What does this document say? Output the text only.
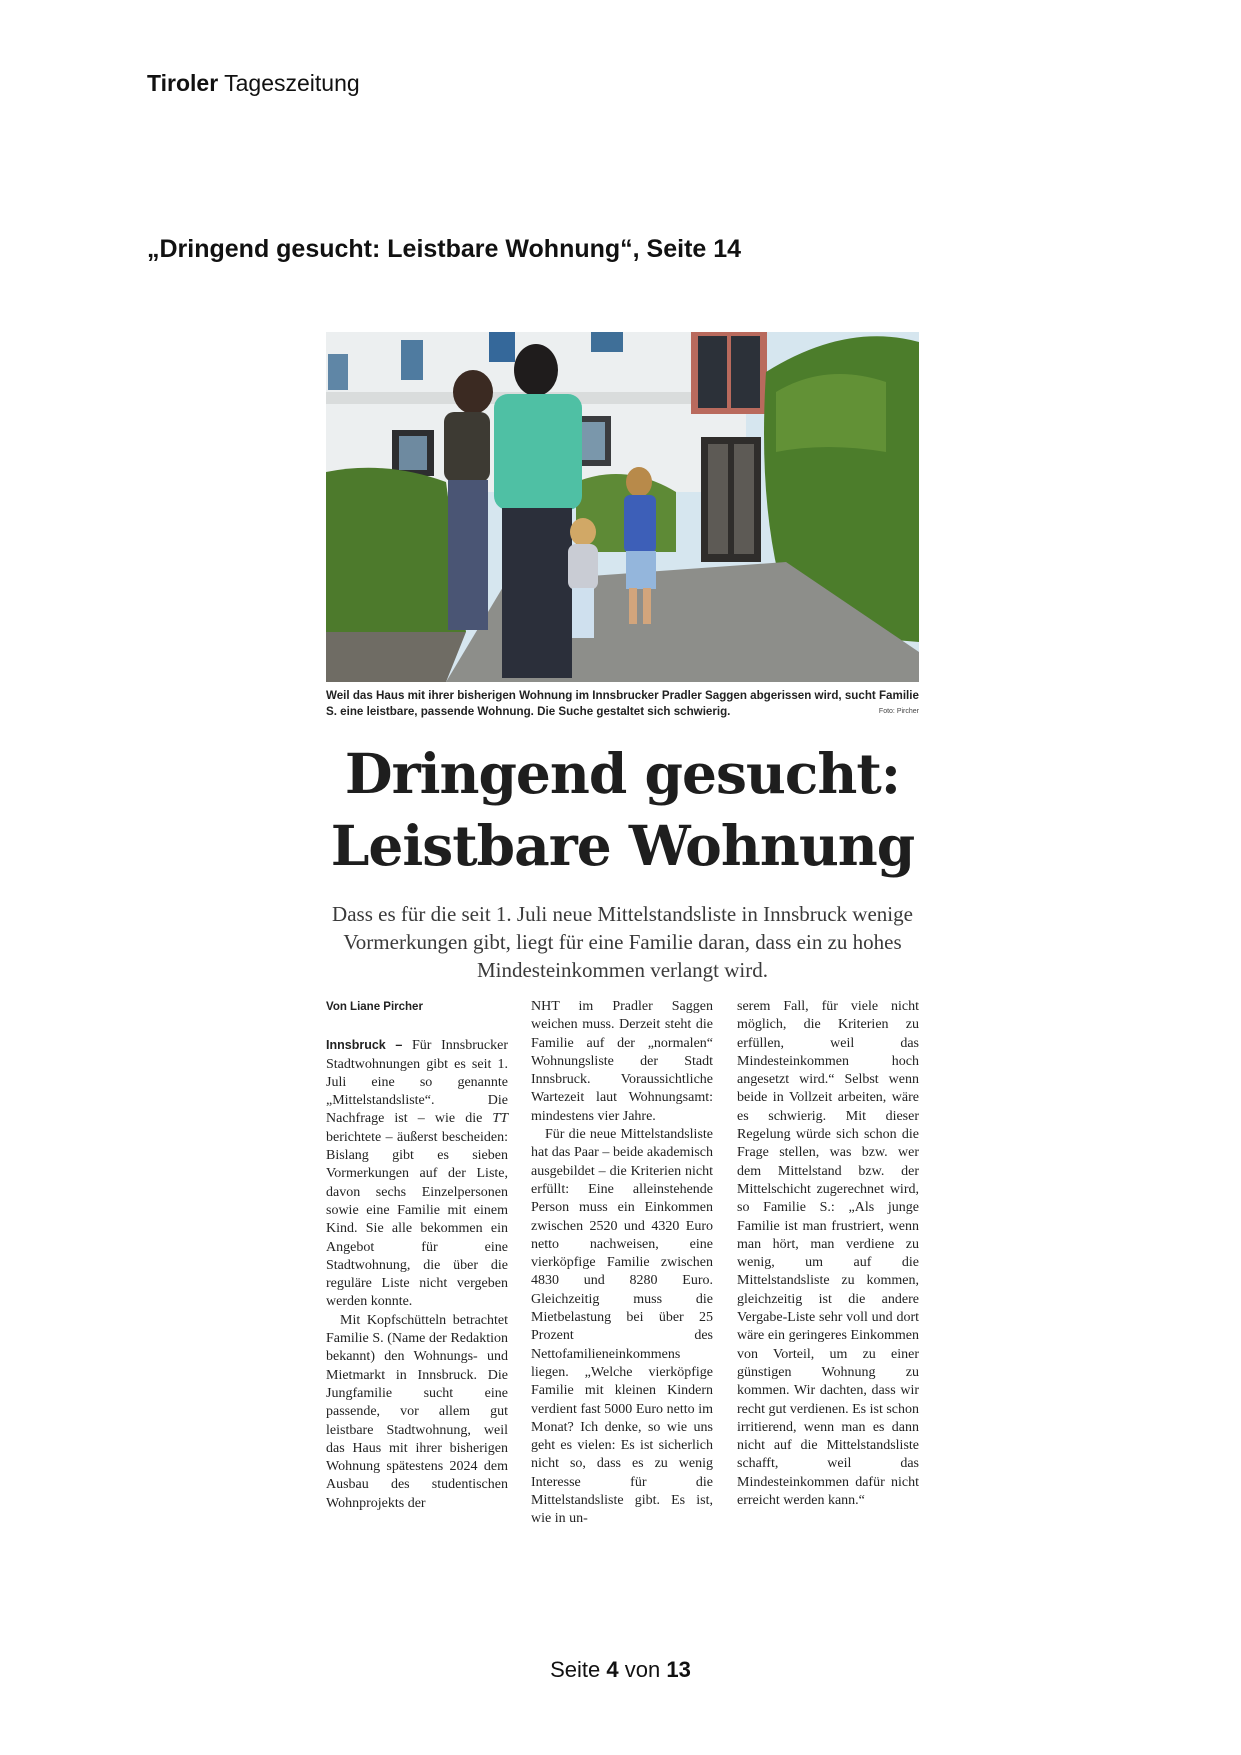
Tiroler Tageszeitung
„Dringend gesucht: Leistbare Wohnung“, Seite 14
Weil das Haus mit ihrer bisherigen Wohnung im Innsbrucker Pradler Saggen abgerissen wird, sucht Familie S. eine leistbare, passende Wohnung. Die Suche gestaltet sich schwierig.	Foto: Pircher
Dringend gesucht:
Leistbare Wohnung
Dass es für die seit 1. Juli neue Mittelstandsliste in Innsbruck wenige Vormerkungen gibt, liegt für eine Familie daran, dass ein zu hohes Mindesteinkommen verlangt wird.
Von Liane Pircher

Innsbruck – Für Innsbrucker Stadtwohnungen gibt es seit 1. Juli eine so genannte „Mittelstandsliste“. Die Nachfrage ist – wie die TT berichtete – äußerst bescheiden: Bislang gibt es sieben Vormerkungen auf der Liste, davon sechs Einzelpersonen sowie eine Familie mit einem Kind. Sie alle bekommen ein Angebot für eine Stadtwohnung, die über die reguläre Liste nicht vergeben werden konnte.

Mit Kopfschütteln betrachtet Familie S. (Name der Redaktion bekannt) den Wohnungs- und Mietmarkt in Innsbruck. Die Jungfamilie sucht eine passende, vor allem gut leistbare Stadtwohnung, weil das Haus mit ihrer bisherigen Wohnung spätestens 2024 dem Ausbau des studentischen Wohnprojekts der

NHT im Pradler Saggen weichen muss. Derzeit steht die Familie auf der „normalen“ Wohnungsliste der Stadt Innsbruck. Voraussichtliche Wartezeit laut Wohnungsamt: mindestens vier Jahre.

Für die neue Mittelstandsliste hat das Paar – beide akademisch ausgebildet – die Kriterien nicht erfüllt: Eine alleinstehende Person muss ein Einkommen zwischen 2520 und 4320 Euro netto nachweisen, eine vierköpfige Familie zwischen 4830 und 8280 Euro. Gleichzeitig muss die Mietbelastung bei über 25 Prozent des Nettofamilieneinkommens liegen. „Welche vierköpfige Familie mit kleinen Kindern verdient fast 5000 Euro netto im Monat? Ich denke, so wie uns geht es vielen: Es ist sicherlich nicht so, dass es zu wenig Interesse für die Mittelstandsliste gibt. Es ist, wie in un-

serem Fall, für viele nicht möglich, die Kriterien zu erfüllen, weil das Mindesteinkommen hoch angesetzt wird.“ Selbst wenn beide in Vollzeit arbeiten, wäre es schwierig. Mit dieser Regelung würde sich schon die Frage stellen, was bzw. wer dem Mittelstand bzw. der Mittelschicht zugerechnet wird, so Familie S.: „Als junge Familie ist man frustriert, wenn man hört, man verdiene zu wenig, um auf die Mittelstandsliste zu kommen, gleichzeitig ist die andere Vergabe-Liste sehr voll und dort wäre ein geringeres Einkommen von Vorteil, um zu einer günstigen Wohnung zu kommen. Wir dachten, dass wir recht gut verdienen. Es ist schon irritierend, wenn man es dann nicht auf die Mittelstandsliste schafft, weil das Mindesteinkommen dafür nicht erreicht werden kann.“

Seite 4 von 13
